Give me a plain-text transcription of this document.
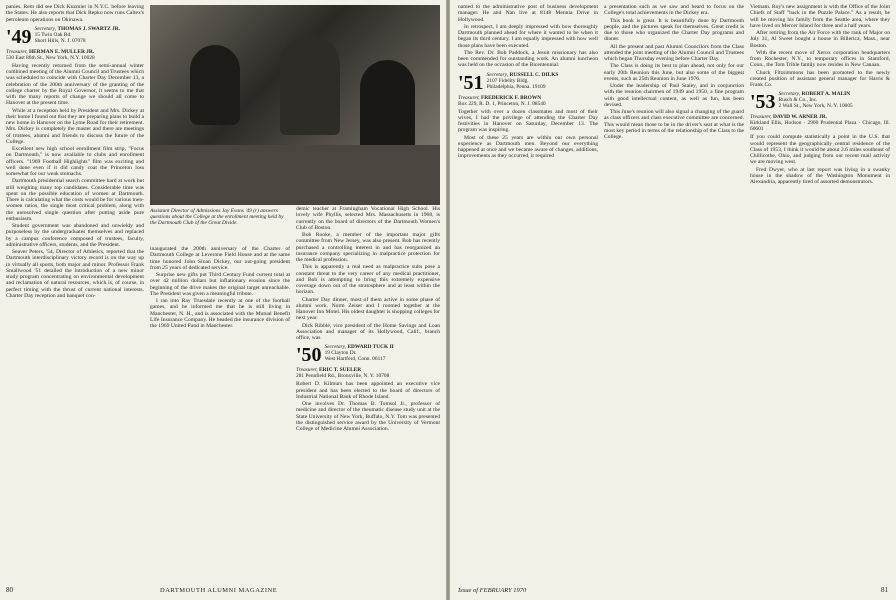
panies. Rem did see Dick Kuzmier in N.Y.C. before leaving the States. He also reports that Dick Repko now runs Caltex's petroleum operations on Okinawa.

'49 Secretary, THOMAS J. SWARTZ JR.
15 Twin Oak Rd.
Short Hills, N. J. 07078
Treasurer, HERMAN E. MULLER JR.
530 East 86th St., New York, N.Y. 10028

Having recently returned from the semi-annual winter combined meeting of the Alumni Council and Trustees which was scheduled to coincide with Charter Day December 13, a celebration of the 200th anniversary of the granting of the college charter by the Royal Governor, it seems to me that with the many reports of change we should all come to Hanover at the present time.

While at a reception held by President and Mrs. Dickey at their home I found out that they are preparing plans to build a new home in Hanover on the Lyme Road for their retirement. Mrs. Dickey is completely the master and there are meetings of trustees, alumni and friends to discuss the future of the College.

Excellent new high school enrollment film strip, "Focus on Dartmouth," is now available to clubs and enrollment officers. "1969 Football Highlights" film was exciting and well done even if it did candy coat the Princeton loss somewhat for our weak stomachs.

Dartmouth presidential search committee hard at work but still weighing many top candidates. Considerable time was spent on the possible education of women at Dartmouth. There is calculating what the costs would be for various men-women ratios, the single most critical problem, along with the unresolved single question after putting aside pure enthusiasm.

Student government was abandoned and unwieldy and purposeless by the undergraduates themselves and replaced by a campus conference composed of trustees, faculty, administrative officers, students, and the President.

Seaver Peters, '54, Director of Athletics, reported that the Dartmouth interdisciplinary victory record is on the way up in virtually all sports, both major and minor. Professor Frank Smallwood '51 detailed the introduction of a new minor study program concentrating on environmental development and reclamation of natural resources, which is, of course, in perfect timing with the thrust of current national interests. Charter Day reception and banquet con-

Assistant Director of Admissions Jay Evans '49 (r) answers questions about the College at the enrollment meeting held by the Dartmouth Club of the Great Divide.

inaugurated the 200th anniversary of the Charter of Dartmouth College at Leverone Field House and at the same time honored John Sloan Dickey, our out-going president from 25 years of dedicated service.

Surprise new gifts put Third Century Fund current total at over 42 million dollars but inflationary erosion since the beginning of the drive makes the original target unreachable. The President was given a meaningful tribute.

I ran into Ray Truesdale recently at one of the football games, and he informed me that he is still living in Manchester, N. H., and is associated with the Mutual Benefit Life Insurance Company. He headed the insurance division of the 1969 United Fund in Manchester.

demic teacher at Framingham Vocational High School. His lovely wife Phyllis, selected Mrs. Massachusetts in 1968, is currently on the board of directors of the Dartmouth Women's Club of Boston.

Bob Rooke, a member of the important major gifts committee from New Jersey, was also present. Bob has recently purchased a controlling interest in and has reorganized an insurance company specializing in malpractice protection for the medical profession.

This is apparently a real need as malpractice suits pose a constant threat to the very career of any medical practitioner, and Bob is attempting to bring this extremely expensive coverage down out of the stratosphere and at least within the horizon.

Charter Day dinner, most of them active in some phase of alumni work. Norm Zeiser and I roomed together at the Hanover Inn Motel. His oldest daughter is shopping colleges for next year.

Dick Ribble, vice president of the Home Savings and Loan Association and manager of its Hollywood, Calif., branch office, was

'50 Secretary, EDWARD TUCK II
19 Clayton Dr.
West Hartford, Conn. 06117
Treasurer, ERIC T. SUELER
281 Pennfield Rd., Bronxville, N. Y. 10708

Robert D. Kilmurs has been appointed an executive vice president and has been elected to the board of directors of Industrial National Bank of Rhode Island.

One involves Dr. Thomas B. Tomsol Jr., professor of medicine and director of the rheumatic disease study unit at the State University of New York, Buffalo, N.Y. Tom was presented the distinguished service award by the University of Vermont College of Medicine Alumni Association.

80	DARTMOUTH ALUMNI MAGAZINE

named to the administrative post of business development manager. He and Nan live at 8148 Mennia Drive in Hollywood.

In retrospect, I am deeply impressed with how thoroughly Dartmouth planned ahead for where it wanted to be when it began its third century. I am equally impressed with how well those plans have been executed.

The Rev. Dr. Bob Paddock, a Jesuit missionary has also been commended for outstanding work. An alumni luncheon was held on the occasion of the Bicentennial.

'51 Secretary, RUSSELL C. DILKS
2107 Fidelity Bldg.
Philadelphia, Penna. 19109
Treasurer, FREDERICK F. BROWN
Box 229, R. D. 1, Princeton, N. J. 08540

Together with over a dozen classmates and most of their wives, I had the privilege of attending the Charter Day festivities in Hanover on Saturday, December 13. The program was inspiring.

Most of these 25 years are within our own personal experience as Dartmouth men. Beyond our everything happened at once and we became aware of changes, additions, improvements as they occurred, it required

a presentation such as we saw and heard to focus on the College's total achievements in the Dickey era.

This book is great. It is beautifully done by Dartmouth people, and the pictures speak for themselves. Great credit is due to those who organized the Charter Day programs and dinner.

All the present and past Alumni Councilors from the Class attended the joint meeting of the Alumni Council and Trustees which began Thursday evening before Charter Day.

The Class is doing its best to plan ahead, not only for our early 20th Reunion this June, but also some of the biggest events, such as 25th Reunion in June 1976.

Under the leadership of Paul Staley, and in conjunction with the reunion chairmen of 1949 and 1950, a fine program with good intellectual content, as well as fun, has been devised.

This June's reunion will also signal a changing of the guard as class officers and class executive committee are concerned. This would mean those to be in the driver's seat at what is the most key period in terms of the relationship of the Class to the College.

Vietnam. Roy's new assignment is with the Office of the Joint Chiefs of Staff "back in the Puzzle Palace." As a result, he will be moving his family from the Seattle area, where they have lived on Mercer Island for three and a half years.

After retiring from the Air Force with the rank of Major on July 31, Al Sweet bought a house in Billerica, Mass., near Boston.

With the recent move of Xerox corporation headquarters from Rochester, N.Y., to temporary offices in Stamford, Conn., the Tom Trible family now resides in New Canaan.

Chuck Fitzsimmons has been promoted to the newly created position of assistant general manager for Harris & Frank Co.

'53 Secretary, ROBERT A. MALIN
Rusch & Co., Inc.
2 Wall St., New York, N. Y. 10005
Treasurer, DAVID W. ARNER JR.
Kirkland Ellis, Hodson · 2900 Prudential Plaza · Chicago, Ill. 60601

If you could compute statistically a point in the U.S. that would represent the geographically central residence of the Class of 1953, I think it would be about 3.6 miles southeast of Chillicothe, Ohio, and judging from our recent mail activity we are moving west.

Fred Dwyer, who at last report was living in a swanky house in the shadow of the Washington Monument in Alexandria, apparently tired of assorted demonstrators.

Issue of FEBRUARY 1970	81
